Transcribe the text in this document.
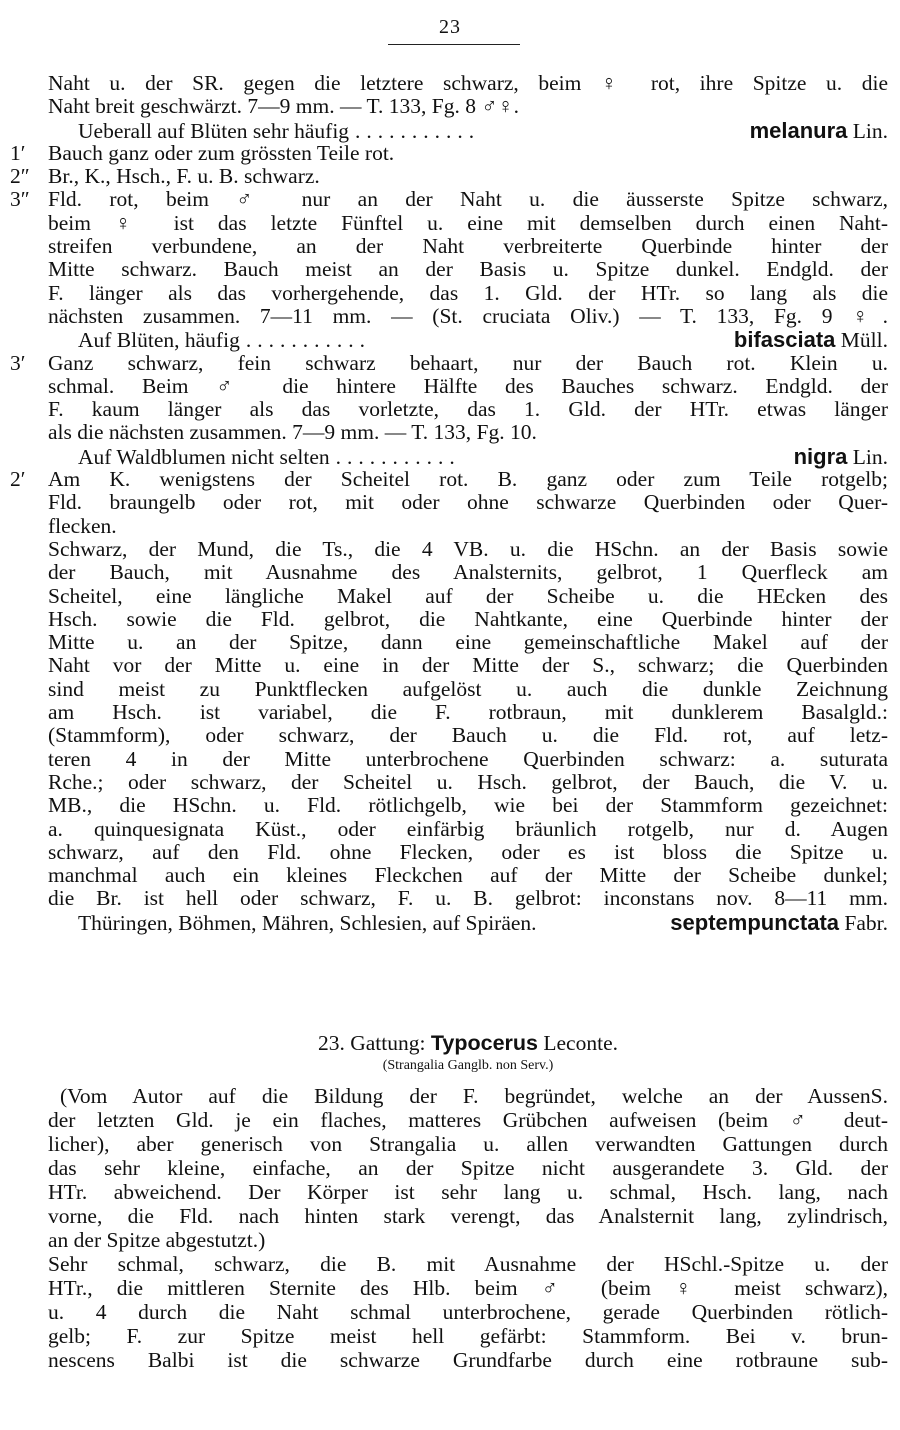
23
Naht u. der SR. gegen die letztere schwarz, beim ♀ rot, ihre Spitze u. die
Naht breit geschwärzt. 7—9 mm. — T. 133, Fg. 8 ♂♀.
Ueberall auf Blüten sehr häufig ...........	melanura Lin.
1′ Bauch ganz oder zum grössten Teile rot.
2″ Br., K., Hsch., F. u. B. schwarz.
3″ Fld. rot, beim ♂ nur an der Naht u. die äusserste Spitze schwarz,
beim ♀ ist das letzte Fünftel u. eine mit demselben durch einen Naht-
streifen verbundene, an der Naht verbreiterte Querbinde hinter der
Mitte schwarz. Bauch meist an der Basis u. Spitze dunkel. Endgld. der
F. länger als das vorhergehende, das 1. Gld. der HTr. so lang als die
nächsten zusammen. 7—11 mm. — (St. cruciata Oliv.) — T. 133, Fg. 9 ♀.
Auf Blüten, häufig ...........	bifasciata Müll.
3′ Ganz schwarz, fein schwarz behaart, nur der Bauch rot. Klein u.
schmal. Beim ♂ die hintere Hälfte des Bauches schwarz. Endgld. der
F. kaum länger als das vorletzte, das 1. Gld. der HTr. etwas länger
als die nächsten zusammen. 7—9 mm. — T. 133, Fg. 10.
Auf Waldblumen nicht selten ...........	nigra Lin.
2′ Am K. wenigstens der Scheitel rot. B. ganz oder zum Teile rotgelb;
Fld. braungelb oder rot, mit oder ohne schwarze Querbinden oder Quer-
flecken.
Schwarz, der Mund, die Ts., die 4 VB. u. die HSchn. an der Basis sowie
der Bauch, mit Ausnahme des Analsternits, gelbrot, 1 Querfleck am
Scheitel, eine längliche Makel auf der Scheibe u. die HEcken des
Hsch. sowie die Fld. gelbrot, die Nahtkante, eine Querbinde hinter der
Mitte u. an der Spitze, dann eine gemeinschaftliche Makel auf der
Naht vor der Mitte u. eine in der Mitte der S., schwarz; die Querbinden
sind meist zu Punktflecken aufgelöst u. auch die dunkle Zeichnung
am Hsch. ist variabel, die F. rotbraun, mit dunklerem Basalgld.:
(Stammform), oder schwarz, der Bauch u. die Fld. rot, auf letz-
teren 4 in der Mitte unterbrochene Querbinden schwarz: a. suturata
Rche.; oder schwarz, der Scheitel u. Hsch. gelbrot, der Bauch, die V. u.
MB., die HSchn. u. Fld. rötlichgelb, wie bei der Stammform gezeichnet:
a. quinquesignata Küst., oder einfärbig bräunlich rotgelb, nur d. Augen
schwarz, auf den Fld. ohne Flecken, oder es ist bloss die Spitze u.
manchmal auch ein kleines Fleckchen auf der Mitte der Scheibe dunkel;
die Br. ist hell oder schwarz, F. u. B. gelbrot: inconstans nov. 8—11 mm.
Thüringen, Böhmen, Mähren, Schlesien, auf Spiräen.	septempunctata Fabr.
23. Gattung: Typocerus Leconte.
(Strangalia Ganglb. non Serv.)
(Vom Autor auf die Bildung der F. begründet, welche an der AussenS.
der letzten Gld. je ein flaches, matteres Grübchen aufweisen (beim ♂ deut-
licher), aber generisch von Strangalia u. allen verwandten Gattungen durch
das sehr kleine, einfache, an der Spitze nicht ausgerandete 3. Gld. der
HTr. abweichend. Der Körper ist sehr lang u. schmal, Hsch. lang, nach
vorne, die Fld. nach hinten stark verengt, das Analsternit lang, zylindrisch,
an der Spitze abgestutzt.)
Sehr schmal, schwarz, die B. mit Ausnahme der HSchl.-Spitze u. der
HTr., die mittleren Sternite des Hlb. beim ♂ (beim ♀ meist schwarz),
u. 4 durch die Naht schmal unterbrochene, gerade Querbinden rötlich-
gelb; F. zur Spitze meist hell gefärbt: Stammform. Bei v. brun-
nescens Balbi ist die schwarze Grundfarbe durch eine rotbraune sub-
